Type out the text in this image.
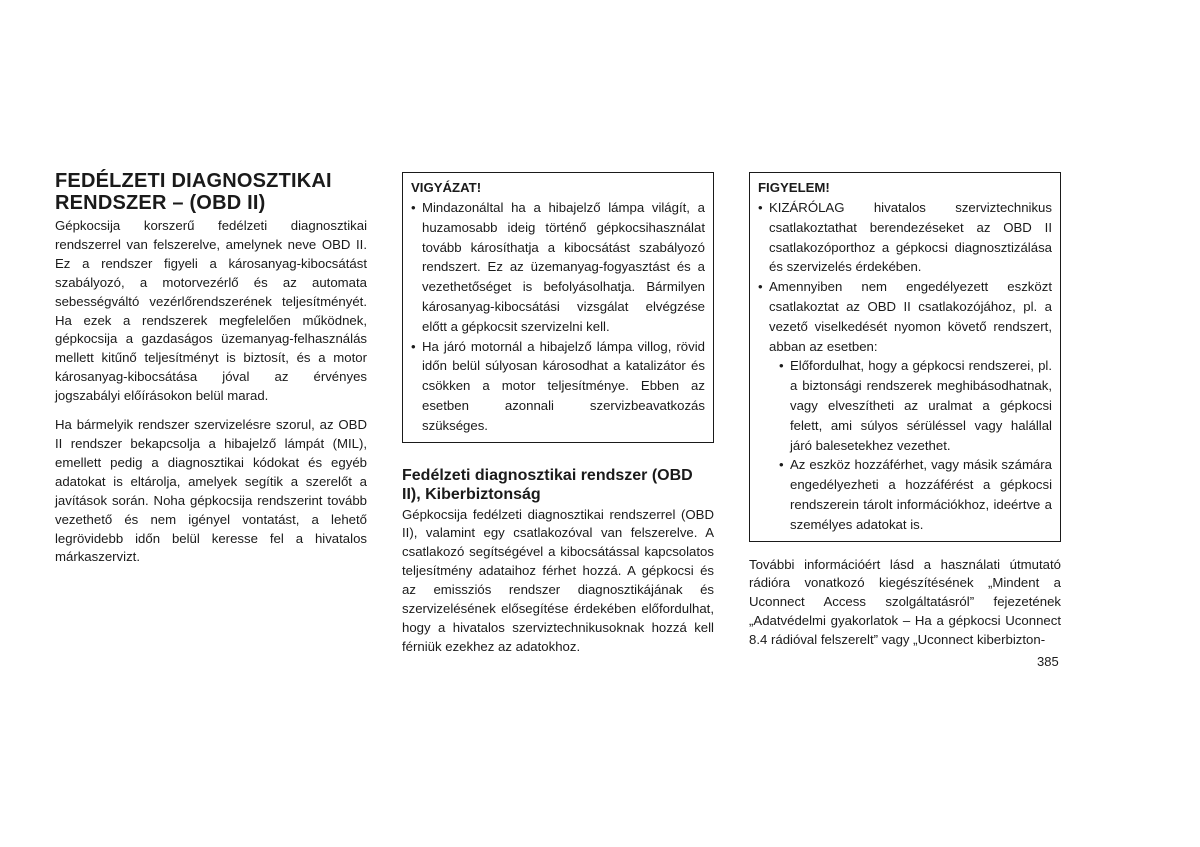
FEDÉLZETI DIAGNOSZTIKAI RENDSZER – (OBD II)

Gépkocsija korszerű fedélzeti diagnosztikai rendszerrel van felszerelve, amelynek neve OBD II. Ez a rendszer figyeli a károsanyag-kibocsátást szabályozó, a motorvezérlő és az automata sebességváltó vezérlőrendszerének teljesítményét. Ha ezek a rendszerek megfelelően működnek, gépkocsija a gazdaságos üzemanyag-felhasználás mellett kitűnő teljesítményt is biztosít, és a motor károsanyag-kibocsátása jóval az érvényes jogszabályi előírásokon belül marad.

Ha bármelyik rendszer szervizelésre szorul, az OBD II rendszer bekapcsolja a hibajelző lámpát (MIL), emellett pedig a diagnosztikai kódokat és egyéb adatokat is eltárolja, amelyek segítik a szerelőt a javítások során. Noha gépkocsija rendszerint tovább vezethető és nem igényel vontatást, a lehető legrövidebb időn belül keresse fel a hivatalos márkaszervizt.

VIGYÁZAT!
• Mindazonáltal ha a hibajelző lámpa világít, a huzamosabb ideig történő gépkocsihasználat tovább károsíthatja a kibocsátást szabályozó rendszert. Ez az üzemanyag-fogyasztást és a vezethetőséget is befolyásolhatja. Bármilyen károsanyag-kibocsátási vizsgálat elvégzése előtt a gépkocsit szervizelni kell.
• Ha járó motornál a hibajelző lámpa villog, rövid időn belül súlyosan károsodhat a katalizátor és csökken a motor teljesítménye. Ebben az esetben azonnali szervizbeavatkozás szükséges.
Fedélzeti diagnosztikai rendszer (OBD II), Kiberbiztonság

Gépkocsija fedélzeti diagnosztikai rendszerrel (OBD II), valamint egy csatlakozóval van felszerelve. A csatlakozó segítségével a kibocsátással kapcsolatos teljesítmény adataihoz férhet hozzá. A gépkocsi és az emissziós rendszer diagnosztikájának és szervizelésének elősegítése érdekében előfordulhat, hogy a hivatalos szerviztechnikusoknak hozzá kell férniük ezekhez az adatokhoz.

FIGYELEM!
• KIZÁRÓLAG hivatalos szerviztechnikus csatlakoztathat berendezéseket az OBD II csatlakozóporthoz a gépkocsi diagnosztizálása és szervizelés érdekében.
• Amennyiben nem engedélyezett eszközt csatlakoztat az OBD II csatlakozójához, pl. a vezető viselkedését nyomon követő rendszert, abban az esetben:
• Előfordulhat, hogy a gépkocsi rendszerei, pl. a biztonsági rendszerek meghibásodhatnak, vagy elveszítheti az uralmat a gépkocsi felett, ami súlyos sérüléssel vagy halállal járó balesetekhez vezethet.
• Az eszköz hozzáférhet, vagy másik számára engedélyezheti a hozzáférést a gépkocsi rendszerein tárolt információkhoz, ideértve a személyes adatokat is.

További információért lásd a használati útmutató rádióra vonatkozó kiegészítésének „Mindent a Uconnect Access szolgáltatásról” fejezetének „Adatvédelmi gyakorlatok – Ha a gépkocsi Uconnect 8.4 rádióval felszerelt” vagy „Uconnect kiberbizton-

385
